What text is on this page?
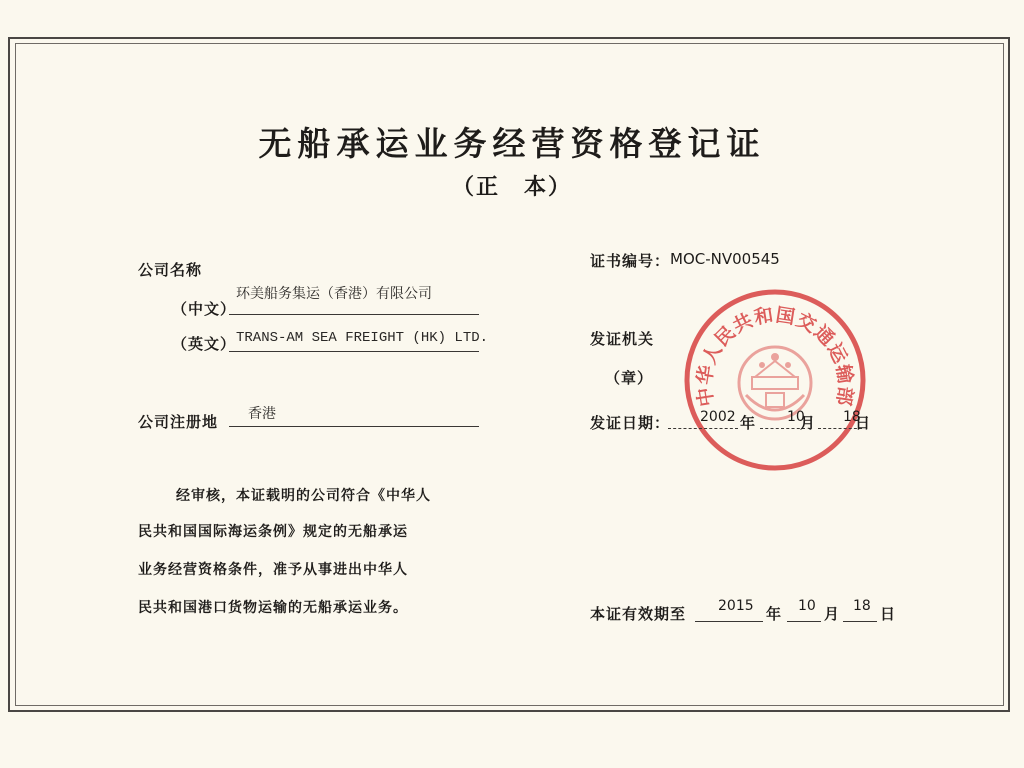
无船承运业务经营资格登记证
（正　本）
公司名称
（中文）
环美船务集运（香港）有限公司
（英文） TRANS-AM SEA FREIGHT (HK) LTD.
公司注册地 香港
经审核，本证载明的公司符合《中华人
民共和国国际海运条例》规定的无船承运
业务经营资格条件，准予从事进出中华人
民共和国港口货物运输的无船承运业务。
证书编号： MOC-NV00545
发证机关
（章）
中华人民共和国交通运输部
发证日期： 2002 年 10
月 18
日
本证有效期至 2015 年 10 月 18 日
